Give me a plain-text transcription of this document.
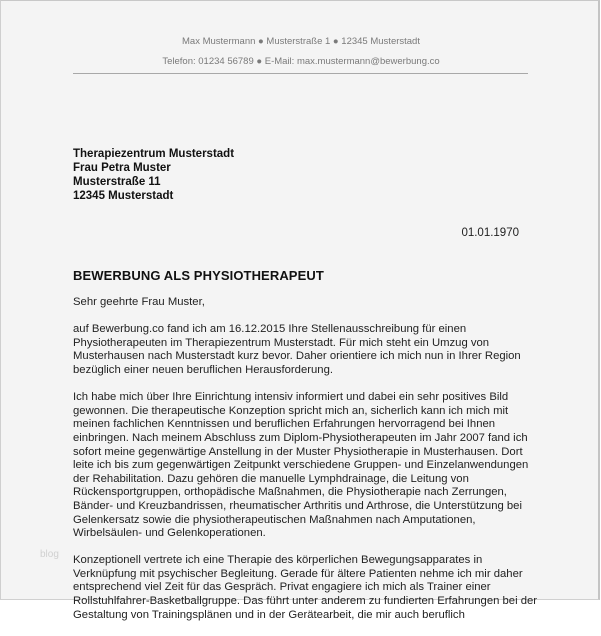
Max Mustermann ● Musterstraße 1 ● 12345 Musterstadt
Telefon: 01234 56789 ● E-Mail: max.mustermann@bewerbung.co
Therapiezentrum Musterstadt
Frau Petra Muster
Musterstraße 11
12345 Musterstadt
01.01.1970
BEWERBUNG ALS PHYSIOTHERAPEUT

Sehr geehrte Frau Muster,

auf Bewerbung.co fand ich am 16.12.2015 Ihre Stellenausschreibung für einen
Physiotherapeuten im Therapiezentrum Musterstadt. Für mich steht ein Umzug von
Musterhausen nach Musterstadt kurz bevor. Daher orientiere ich mich nun in Ihrer Region
bezüglich einer neuen beruflichen Herausforderung.

Ich habe mich über Ihre Einrichtung intensiv informiert und dabei ein sehr positives Bild
gewonnen. Die therapeutische Konzeption spricht mich an, sicherlich kann ich mich mit
meinen fachlichen Kenntnissen und beruflichen Erfahrungen hervorragend bei Ihnen
einbringen. Nach meinem Abschluss zum Diplom-Physiotherapeuten im Jahr 2007 fand ich
sofort meine gegenwärtige Anstellung in der Muster Physiotherapie in Musterhausen. Dort
leite ich bis zum gegenwärtigen Zeitpunkt verschiedene Gruppen- und Einzelanwendungen
der Rehabilitation. Dazu gehören die manuelle Lymphdrainage, die Leitung von
Rückensportgruppen, orthopädische Maßnahmen, die Physiotherapie nach Zerrungen,
Bänder- und Kreuzbandrissen, rheumatischer Arthritis und Arthrose, die Unterstützung bei
Gelenkersatz sowie die physiotherapeutischen Maßnahmen nach Amputationen,
Wirbelsäulen- und Gelenkoperationen.

Konzeptionell vertrete ich eine Therapie des körperlichen Bewegungsapparates in
Verknüpfung mit psychischer Begleitung. Gerade für ältere Patienten nehme ich mir daher
entsprechend viel Zeit für das Gespräch. Privat engagiere ich mich als Trainer einer
Rollstuhlfahrer-Basketballgruppe. Das führt unter anderem zu fundierten Erfahrungen bei der
Gestaltung von Trainingsplänen und in der Gerätearbeit, die mir auch beruflich

blog
